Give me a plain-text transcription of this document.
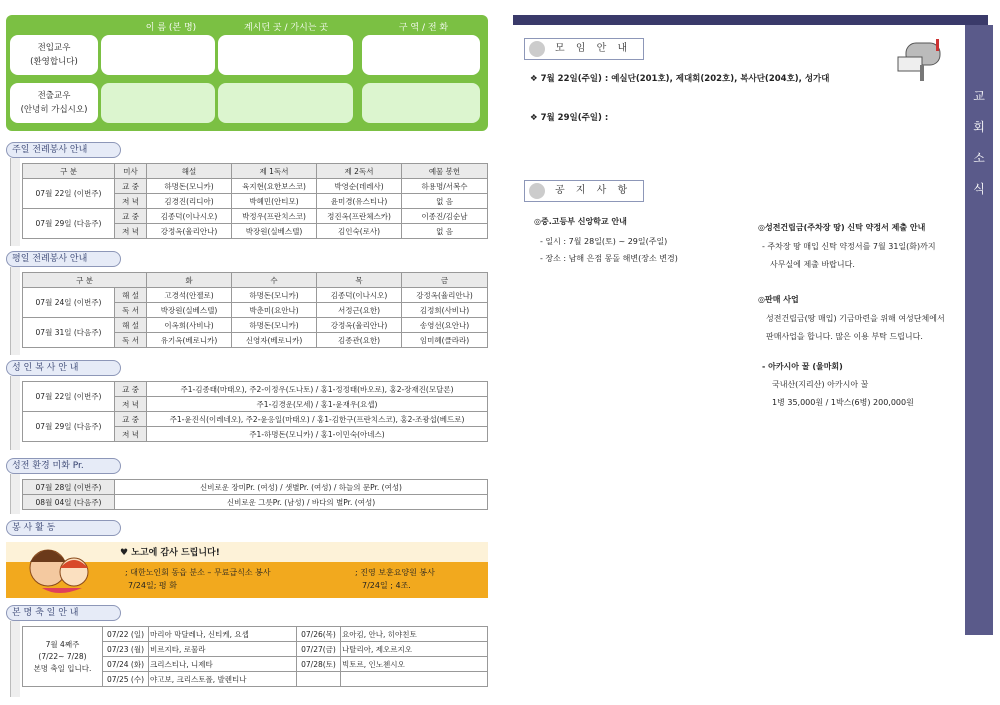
이 름 (본 명)	계시던 곳 / 가시는 곳	구 역 / 전 화
전입교우
(환영합니다)
전출교우
(안녕히 가십시오)
주일 전례봉사 안내
구 분	미사	해설	제 1독서	제 2독서	예물 봉헌
07월 22일 (이번주)	교 중	하명돈(모니카)	육지현(요한보스코)	박영순(데레사)	하용명/서복수
	저 녁	김경진(리디아)	박혜민(안티모)	윤미경(유스티나)	없 음
07월 29일 (다음주)	교 중	김종덕(이나시오)	박정우(프란치스코)	정진옥(프란체스카)	이종진/김순남
	저 녁	강정옥(율리안나)	박장원(실베스텔)	김인숙(로사)	없 음
평일 전례봉사 안내
구 분		화	수	목	금
07월 24일 (이번주)	해 설	고경석(안젤로)	하명돈(모니카)	김종덕(이나시오)	강정옥(율리안나)
	독 서	박장원(실베스텔)	박춘미(요안나)	서정근(요한)	김정희(사비나)
07월 31일 (다음주)	해 설	이옥희(사비나)	하명돈(모니카)	강정옥(율리안나)	송영선(요안나)
	독 서	유기옥(베로니카)	신영자(베로니카)	김종관(요한)	임미혜(클라라)
성 인 복 사 안 내
07월 22일 (이번주)	교 중	주1-김종태(마태오), 주2-이정우(도나토) / 홍1-정정태(바오로), 홍2-장재진(모달론)
	저 녁	주1-김경운(모세) / 홍1-윤재우(요셉)
07월 29일 (다음주)	교 중	주1-윤진식(이레네오), 주2-윤응일(마태오) / 홍1-김한구(프란치스코), 홍2-조광섭(베드로)
	저 녁	주1-하명돈(모니카) / 홍1-이민숙(아네스)
성전 환경 미화 Pr.
07월 28일 (이번주)	신비로운 장미Pr. (여성) / 샛별Pr. (여성) / 하늘의 문Pr. (여성)
08월 04일 (다음주)	신비로운 그릇Pr. (남성) / 바다의 별Pr. (여성)
봉 사 활 동
♥ 노고에 감사 드립니다!
; 대한노인회 동읍 분소 – 무료급식소 봉사
7/24일; 평 화
; 진영 보훈요양원 봉사
7/24일 ; 4조.
본 명 축 일 안 내
7월 4째주
(7/22~ 7/28)
본명 축일 입니다.	07/22 (일)	마리아 막달레나, 신티케, 요셉	07/26(목)	요아킴, 안나, 히야친토
	07/23 (월)	비르지타, 로물라	07/27(금)	나탈리아, 제오르지오
	07/24 (화)	크리스티나, 니제타	07/28(토)	빅토르, 인노첸시오
	07/25 (수)	야고보, 크리스토폴, 발렌티나		
교
회
소
식
모 임 안 내
❖ 7월 22일(주일) : 예실단(201호), 제대회(202호), 복사단(204호), 성가대
❖ 7월 29일(주일) :
공 지 사 항
◎중.고등부 신앙학교 안내
- 일시 : 7월 28일(토) ~ 29일(주일)
- 장소 : 남해 은점 몽돌 해변(장소 변경)
◎성전건립금(주차장 땅) 신탁 약정서 제출 안내
- 주차장 땅 매입 신탁 약정서를 7월 31일(화)까지
사무실에 제출 바랍니다.
◎판매 사업
성전건립금(땅 매입) 기금마련을 위해 여성단체에서
판매사업을 합니다. 많은 이용 부탁 드립니다.
- 아카시아 꿀 (울마회)
국내산(지리산) 아카시아 꿀
1병 35,000원 / 1박스(6병) 200,000원
